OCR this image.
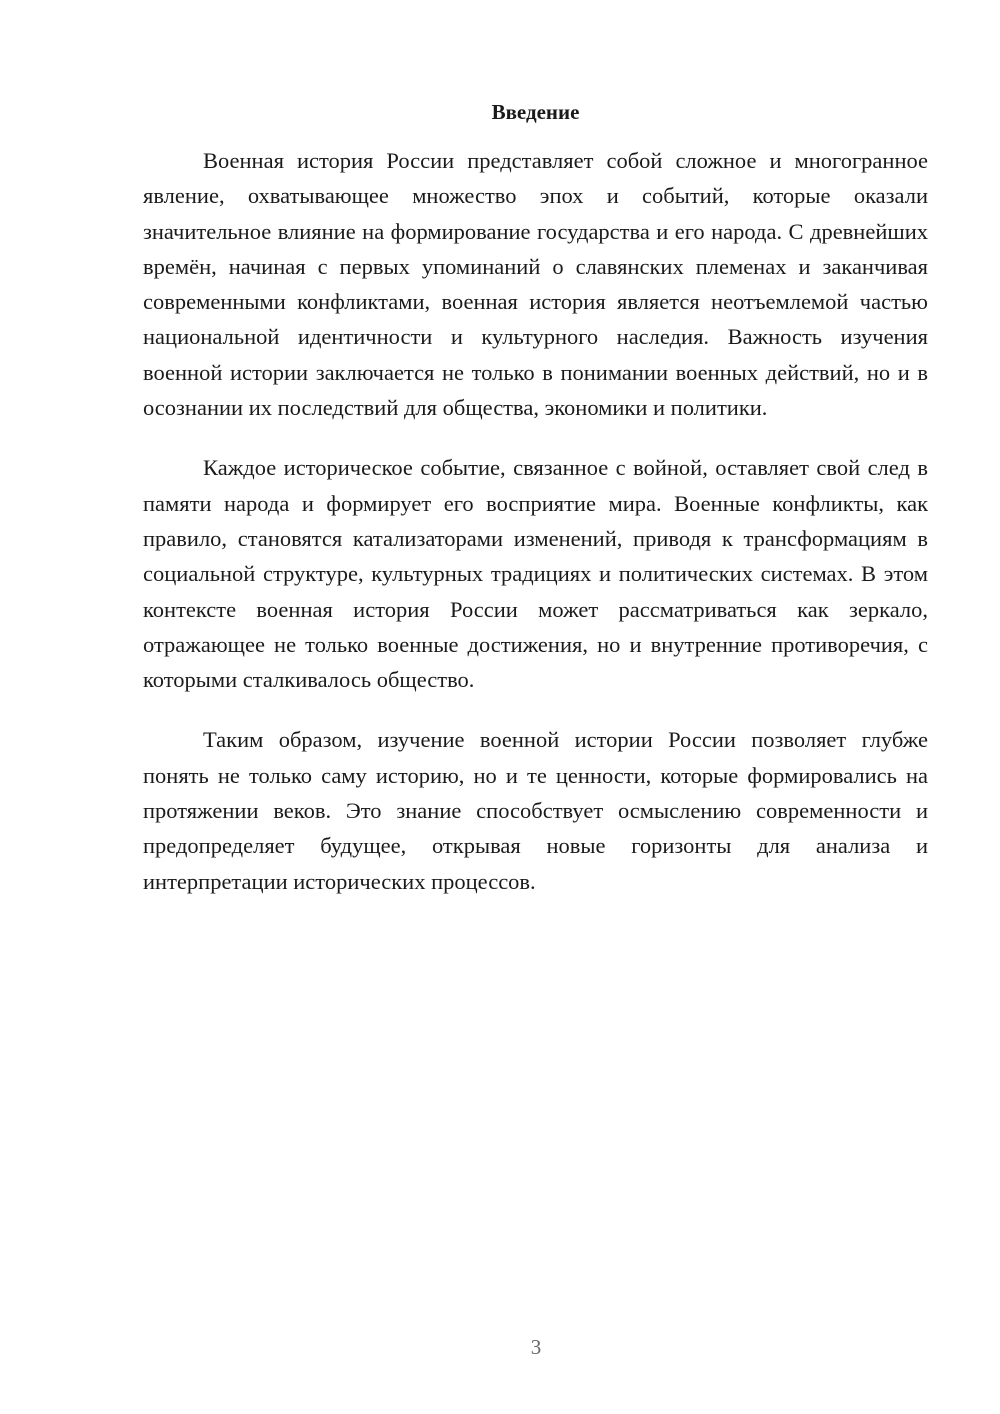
Введение

Военная история России представляет собой сложное и многогранное явление, охватывающее множество эпох и событий, которые оказали значительное влияние на формирование государства и его народа. С древнейших времён, начиная с первых упоминаний о славянских племенах и заканчивая современными конфликтами, военная история является неотъемлемой частью национальной идентичности и культурного наследия. Важность изучения военной истории заключается не только в понимании военных действий, но и в осознании их последствий для общества, экономики и политики.

Каждое историческое событие, связанное с войной, оставляет свой след в памяти народа и формирует его восприятие мира. Военные конфликты, как правило, становятся катализаторами изменений, приводя к трансформациям в социальной структуре, культурных традициях и политических системах. В этом контексте военная история России может рассматриваться как зеркало, отражающее не только военные достижения, но и внутренние противоречия, с которыми сталкивалось общество.

Таким образом, изучение военной истории России позволяет глубже понять не только саму историю, но и те ценности, которые формировались на протяжении веков. Это знание способствует осмыслению современности и предопределяет будущее, открывая новые горизонты для анализа и интерпретации исторических процессов.

3
